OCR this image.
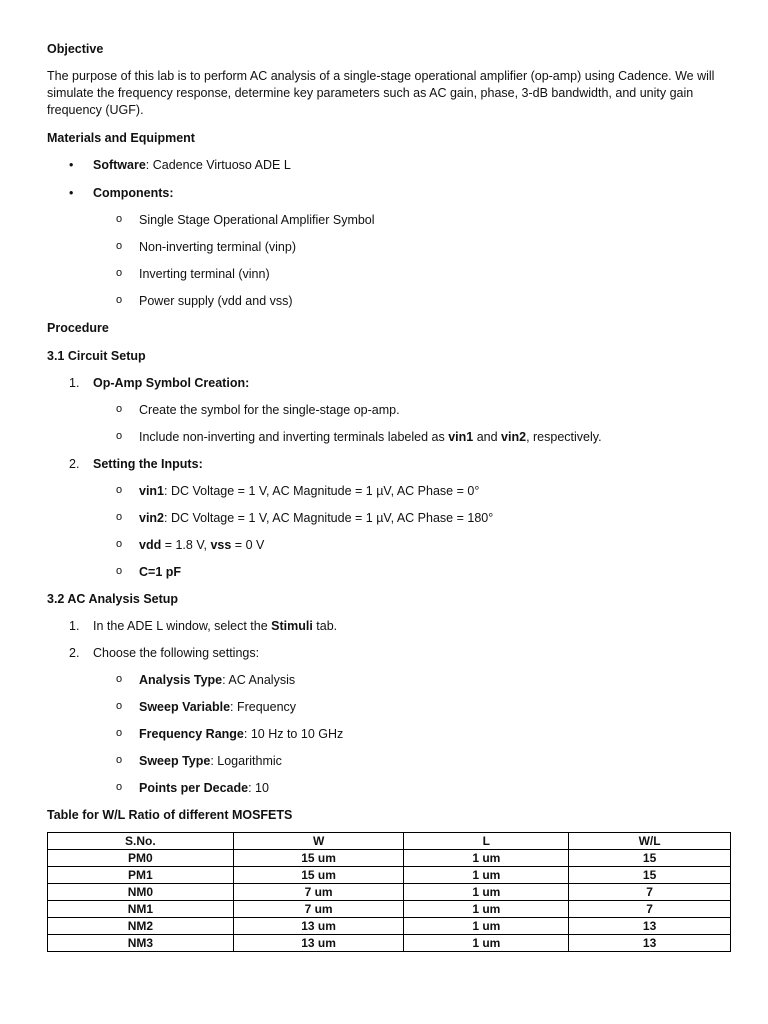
Objective

The purpose of this lab is to perform AC analysis of a single-stage operational amplifier (op-amp) using Cadence. We will simulate the frequency response, determine key parameters such as AC gain, phase, 3-dB bandwidth, and unity gain frequency (UGF).

Materials and Equipment

•	Software: Cadence Virtuoso ADE L
•	Components:
o	Single Stage Operational Amplifier Symbol
o	Non-inverting terminal (vinp)
o	Inverting terminal (vinn)
o	Power supply (vdd and vss)

Procedure

3.1 Circuit Setup

1.	Op-Amp Symbol Creation:
o	Create the symbol for the single-stage op-amp.
o	Include non-inverting and inverting terminals labeled as vin1 and vin2, respectively.
2.	Setting the Inputs:
o	vin1: DC Voltage = 1 V, AC Magnitude = 1 µV, AC Phase = 0°
o	vin2: DC Voltage = 1 V, AC Magnitude = 1 µV, AC Phase = 180°
o	vdd = 1.8 V, vss = 0 V
o	C=1 pF

3.2 AC Analysis Setup

1.	In the ADE L window, select the Stimuli tab.
2.	Choose the following settings:
o	Analysis Type: AC Analysis
o	Sweep Variable: Frequency
o	Frequency Range: 10 Hz to 10 GHz
o	Sweep Type: Logarithmic
o	Points per Decade: 10

Table for W/L Ratio of different MOSFETS

S.No.	W	L	W/L
PM0	15 um	1 um	15
PM1	15 um	1 um	15
NM0	7 um	1 um	7
NM1	7 um	1 um	7
NM2	13 um	1 um	13
NM3	13 um	1 um	13
